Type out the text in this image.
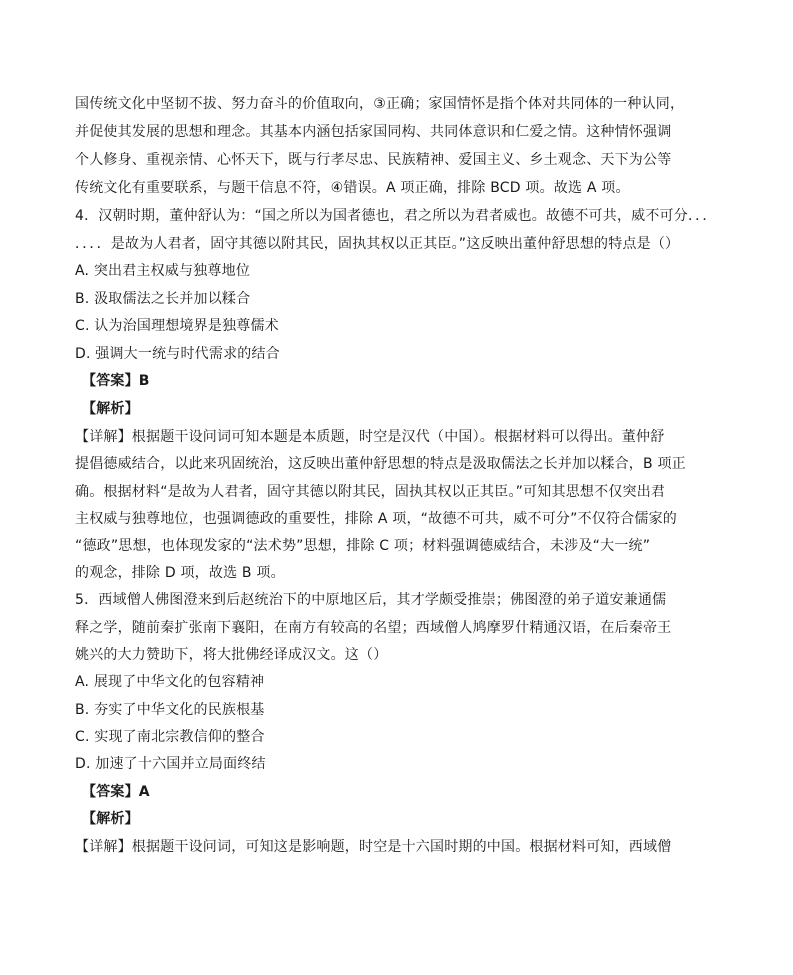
国传统文化中坚韧不拔、努力奋斗的价值取向，③正确；家国情怀是指个体对共同体的一种认同，
并促使其发展的思想和理念。其基本内涵包括家国同构、共同体意识和仁爱之情。这种情怀强调
个人修身、重视亲情、心怀天下，既与行孝尽忠、民族精神、爱国主义、乡土观念、天下为公等
传统文化有重要联系，与题干信息不符，④错误。A 项正确，排除 BCD 项。故选 A 项。
4．汉朝时期，董仲舒认为：“国之所以为国者德也，君之所以为君者威也。故德不可共，威不可分．．．
．．．．是故为人君者，固守其德以附其民，固执其权以正其臣。”这反映出董仲舒思想的特点是（）
A. 突出君主权威与独尊地位
B. 汲取儒法之长并加以糅合
C. 认为治国理想境界是独尊儒术
D. 强调大一统与时代需求的结合
【答案】B
【解析】
【详解】根据题干设问词可知本题是本质题，时空是汉代（中国）。根据材料可以得出。董仲舒
提倡德威结合，以此来巩固统治，这反映出董仲舒思想的特点是汲取儒法之长并加以糅合，B 项正
确。根据材料“是故为人君者，固守其德以附其民，固执其权以正其臣。”可知其思想不仅突出君
主权威与独尊地位，也强调德政的重要性，排除 A 项，“故德不可共，威不可分”不仅符合儒家的
“德政”思想，也体现发家的“法术势”思想，排除 C 项；材料强调德威结合，未涉及“大一统”
的观念，排除 D 项，故选 B 项。
5．西域僧人佛图澄来到后赵统治下的中原地区后，其才学颇受推崇；佛图澄的弟子道安兼通儒
释之学，随前秦扩张南下襄阳，在南方有较高的名望；西域僧人鸠摩罗什精通汉语，在后秦帝王
姚兴的大力赞助下，将大批佛经译成汉文。这（）
A. 展现了中华文化的包容精神
B. 夯实了中华文化的民族根基
C. 实现了南北宗教信仰的整合
D. 加速了十六国并立局面终结
【答案】A
【解析】
【详解】根据题干设问词，可知这是影响题，时空是十六国时期的中国。根据材料可知，西域僧
